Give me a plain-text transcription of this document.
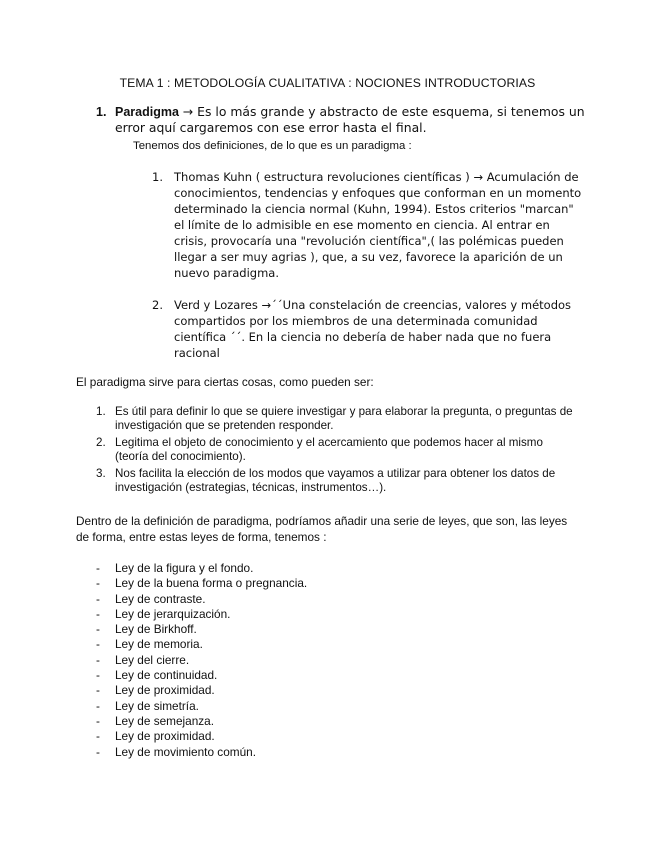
TEMA 1 : METODOLOGÍA CUALITATIVA : NOCIONES INTRODUCTORIAS
1. Paradigma → Es lo más grande y abstracto de este esquema, si tenemos un error aquí cargaremos con ese error hasta el final.
Tenemos dos definiciones, de lo que es un paradigma :
1. Thomas Kuhn ( estructura revoluciones científicas ) → Acumulación de conocimientos, tendencias y enfoques que conforman en un momento determinado la ciencia normal (Kuhn, 1994). Estos criterios "marcan" el límite de lo admisible en ese momento en ciencia. Al entrar en crisis, provocaría una "revolución científica",( las polémicas pueden llegar a ser muy agrias ), que, a su vez, favorece la aparición de un nuevo paradigma.
2. Verd y Lozares →´´Una constelación de creencias, valores y métodos compartidos por los miembros de una determinada comunidad científica ´´. En la ciencia no debería de haber nada que no fuera racional
El paradigma sirve para ciertas cosas, como pueden ser:
1. Es útil para definir lo que se quiere investigar y para elaborar la pregunta, o preguntas de investigación que se pretenden responder.
2. Legitima el objeto de conocimiento y el acercamiento que podemos hacer al mismo (teoría del conocimiento).
3. Nos facilita la elección de los modos que vayamos a utilizar para obtener los datos de investigación (estrategias, técnicas, instrumentos…).
Dentro de la definición de paradigma, podríamos añadir una serie de leyes, que son, las leyes de forma, entre estas leyes de forma, tenemos :
- Ley de la figura y el fondo.
- Ley de la buena forma o pregnancia.
- Ley de contraste.
- Ley de jerarquización.
- Ley de Birkhoff.
- Ley de memoria.
- Ley del cierre.
- Ley de continuidad.
- Ley de proximidad.
- Ley de simetría.
- Ley de semejanza.
- Ley de proximidad.
- Ley de movimiento común.
